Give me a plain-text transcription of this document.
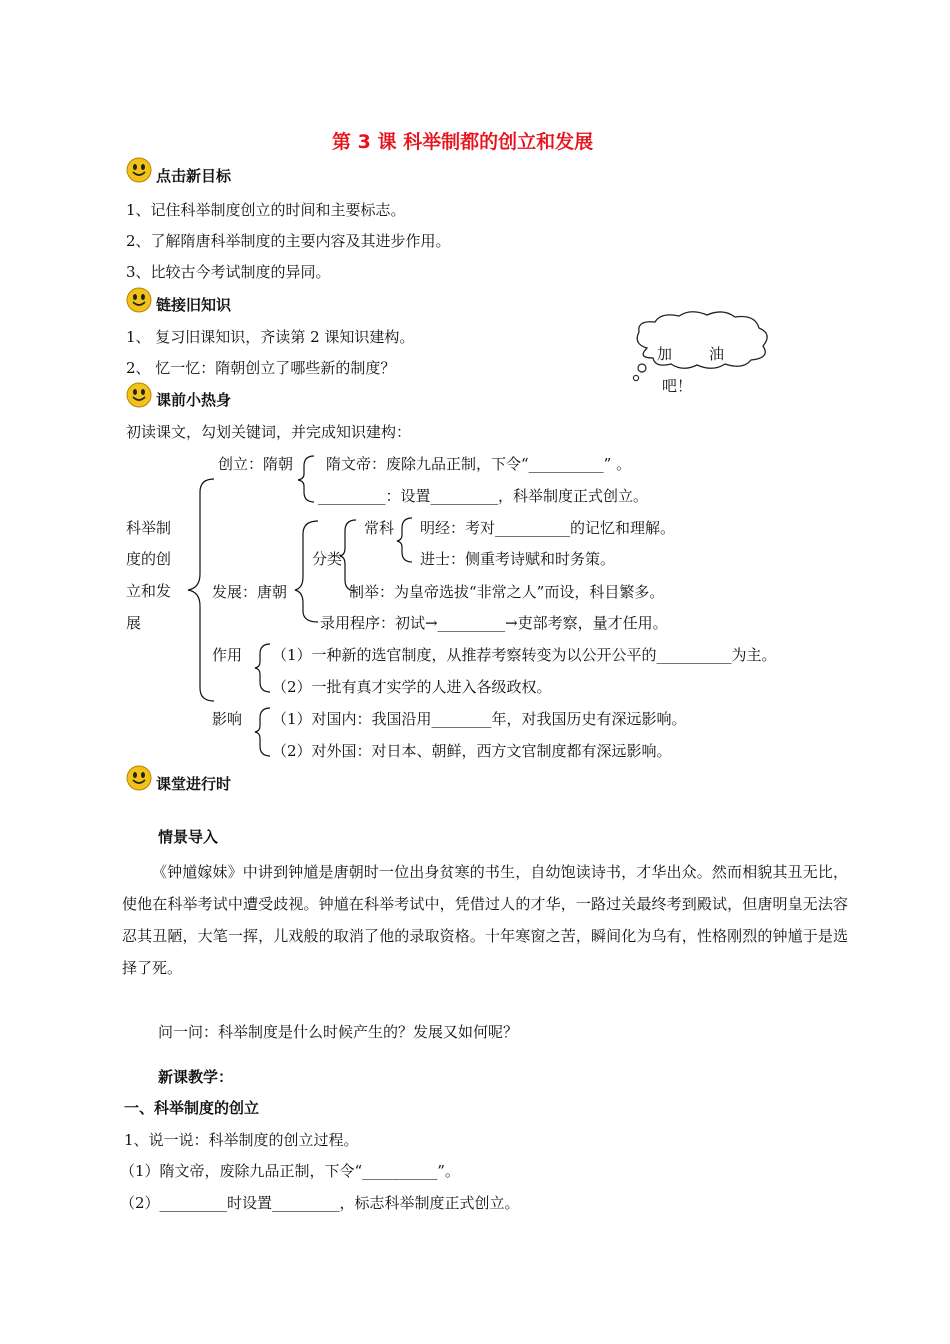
第 3 课 科举制都的创立和发展
点击新目标
1、记住科举制度创立的时间和主要标志。
2、了解隋唐科举制度的主要内容及其进步作用。
3、比较古今考试制度的异同。
链接旧知识
1、 复习旧课知识，齐读第 2 课知识建构。
2、 忆一忆：隋朝创立了哪些新的制度？
加 油
吧！
课前小热身
初读课文，勾划关键词，并完成知识建构：
科举制
度的创
立和发
展
创立：隋朝 隋文帝：废除九品正制，下令“__________” 。
_________：设置_________，科举制度正式创立。
常科 明经：考对__________的记忆和理解。
分类	进士：侧重考诗赋和时务策。
发展：唐朝	制举：为皇帝选拔“非常之人”而设，科目繁多。
录用程序：初试→_________→吏部考察，量才任用。
作用 （1）一种新的选官制度，从推荐考察转变为以公开公平的__________为主。
（2）一批有真才实学的人进入各级政权。
影响 （1）对国内：我国沿用________年，对我国历史有深远影响。
（2）对外国：对日本、朝鲜，西方文官制度都有深远影响。
课堂进行时
情景导入
《钟馗嫁妹》中讲到钟馗是唐朝时一位出身贫寒的书生，自幼饱读诗书，才华出众。然而相貌其丑无比，使他在科举考试中遭受歧视。钟馗在科举考试中，凭借过人的才华，一路过关最终考到殿试，但唐明皇无法容忍其丑陋，大笔一挥，儿戏般的取消了他的录取资格。十年寒窗之苦，瞬间化为乌有，性格刚烈的钟馗于是选择了死。
问一问：科举制度是什么时候产生的？发展又如何呢？
新课教学：
一、科举制度的创立
1、说一说：科举制度的创立过程。
（1）隋文帝，废除九品正制，下令“__________”。
（2）_________时设置_________，标志科举制度正式创立。
